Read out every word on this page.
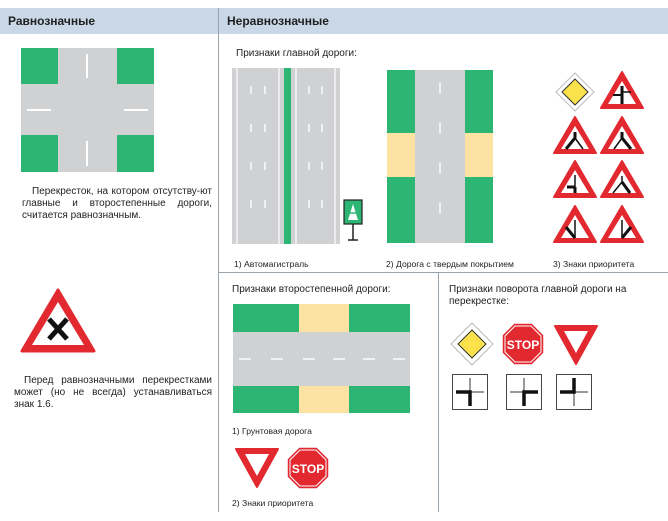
Равнозначные	Неравнозначные
Перекресток, на котором отсутству-ют главные и второстепенные дороги, считается равнозначным.
Перед равнозначными перекрестками может (но не всегда) устанавливаться знак 1.6.
Признаки главной дороги:
1) Автомагистраль	2) Дорога с твердым покрытием	3) Знаки приоритета
Признаки второстепенной дороги:
1) Грунтовая дорога
STOP
2) Знаки приоритета
Признаки поворота главной дороги на перекрестке:
STOP
